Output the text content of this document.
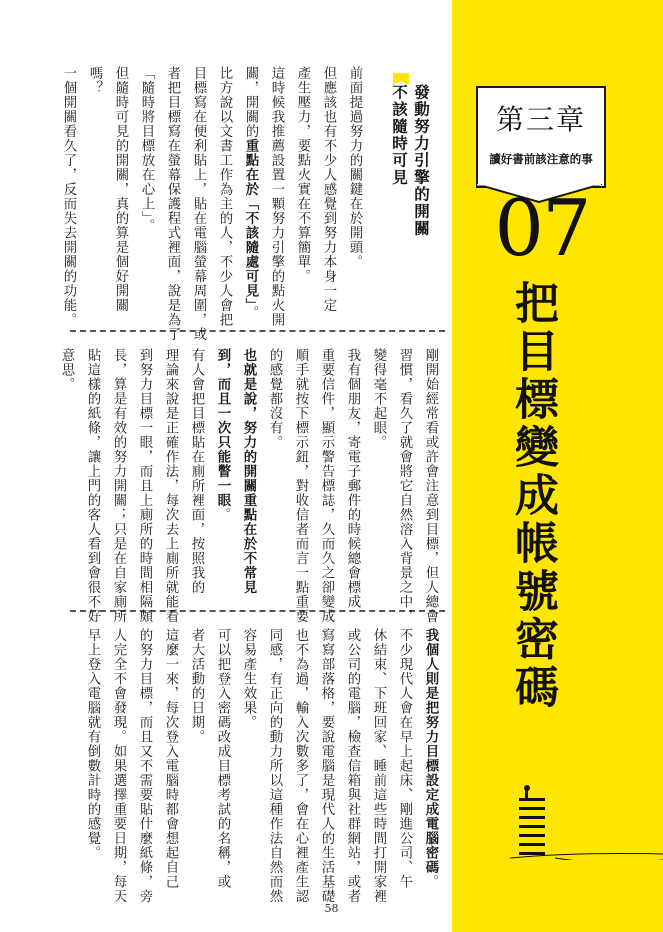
第三章
讀好書前該注意的事
07
把目標變成帳號密碼
發動努力引擎的開關
不該隨時可見
58
前面提過努力的關鍵在於開頭。
但應該也有不少人感覺到努力本身一定
產生壓力，要點火實在不算簡單。
這時候我推薦設置一顆努力引擎的點火開
關，開關的重點在於「不該隨處可見」。
比方說以文書工作為主的人，不少人會把
目標寫在便利貼上，貼在電腦螢幕周圍，或
者把目標寫在螢幕保護程式裡面，說是為了
「隨時將目標放在心上」。
但隨時可見的開關，真的算是個好開關
嗎？
一個開關看久了，反而失去開關的功能。
剛開始經常看或許會注意到目標，但人總會
習慣，看久了就會將它自然溶入背景之中，
變得毫不起眼。
我有個朋友，寄電子郵件的時候總會標成
重要信件，顯示警告標誌，久而久之卻變成
順手就按下標示鈕，對收信者而言一點重要
的感覺都沒有。
也就是說，努力的開關重點在於不常見
到，而且一次只能瞥一眼。
有人會把目標貼在廁所裡面，按照我的
理論來說是正確作法，每次去上廁所就能看
到努力目標一眼，而且上廁所的時間相隔頗
長，算是有效的努力開關；只是在自家廁所
貼這樣的紙條，讓上門的客人看到會很不好
意思。
我個人則是把努力目標設定成電腦密碼。
不少現代人會在早上起床、剛進公司、午
休結束、下班回家、睡前這些時間打開家裡
或公司的電腦，檢查信箱與社群網站，或者
寫寫部落格，要說電腦是現代人的生活基礎
也不為過，輸入次數多了，會在心裡產生認
同感，有正向的動力所以這種作法自然而然
容易產生效果。
可以把登入密碼改成目標考試的名稱，或
者大活動的日期。
這麼一來，每次登入電腦時都會想起自己
的努力目標，而且又不需要貼什麼紙條，旁
人完全不會發現。如果選擇重要日期，每天
早上登入電腦就有倒數計時的感覺。
